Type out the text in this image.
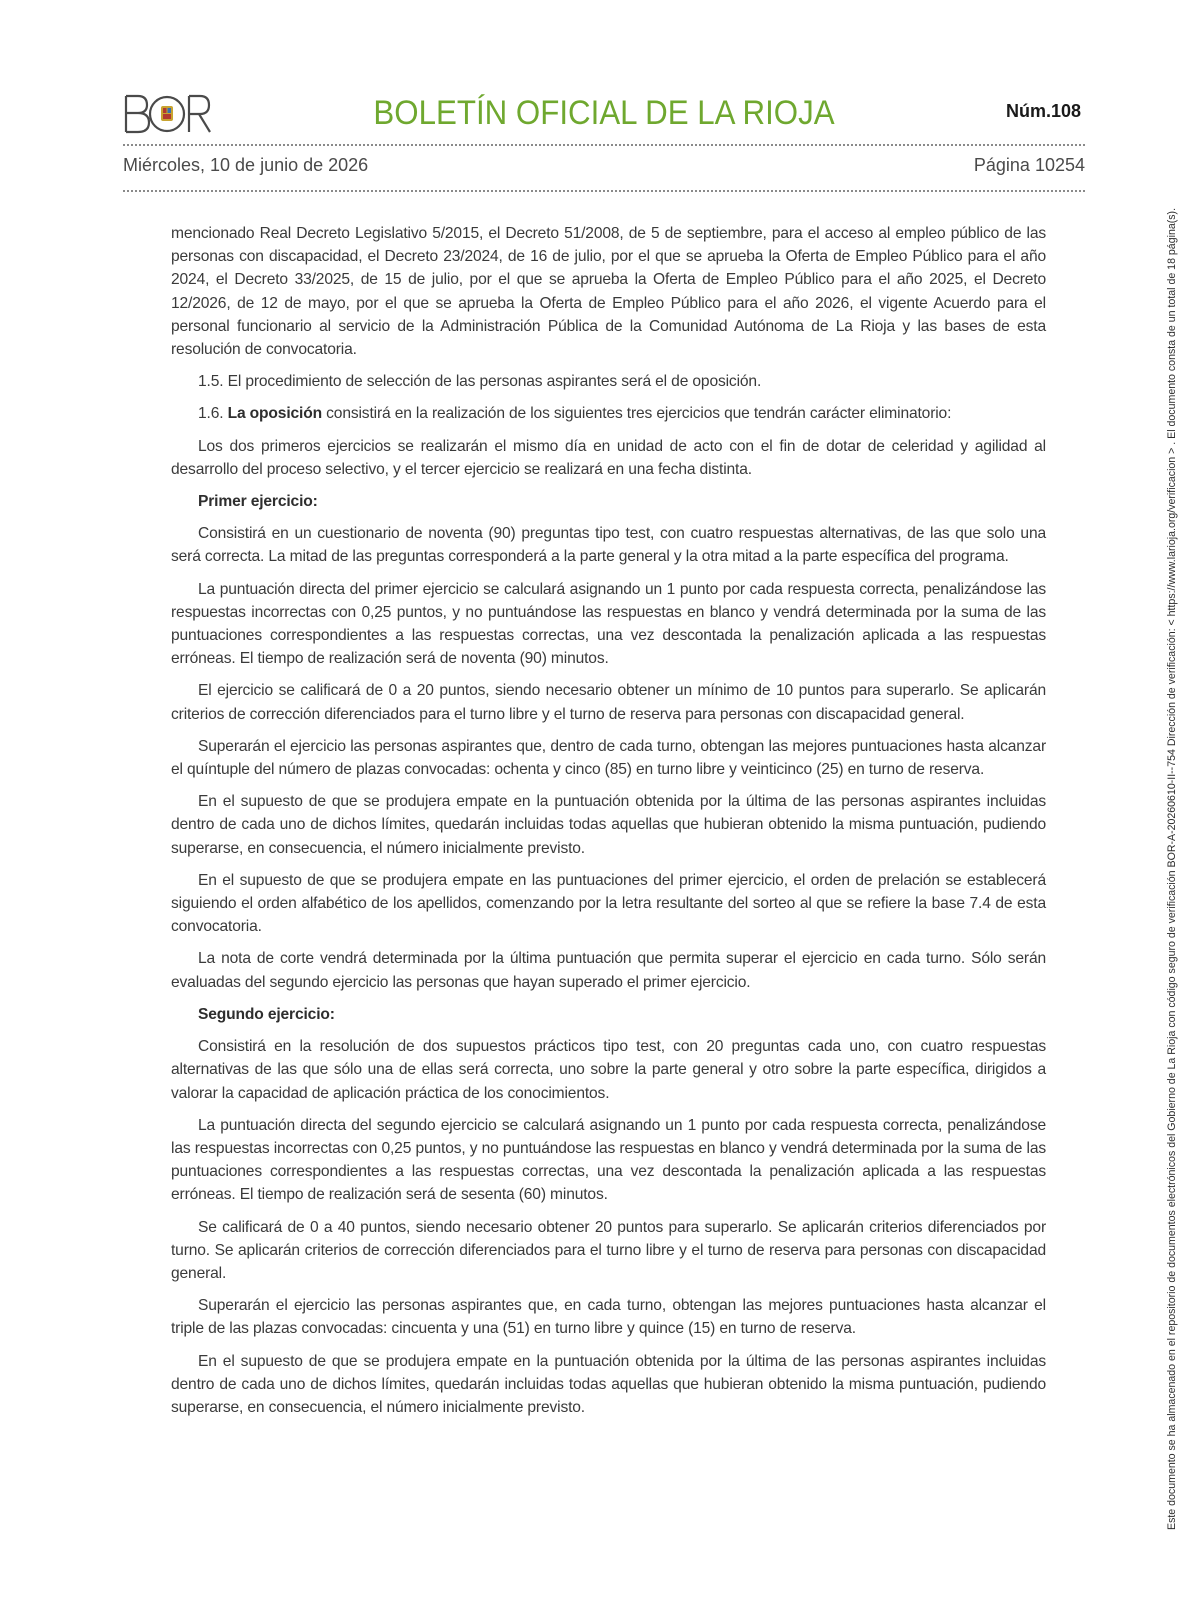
BOLETÍN OFICIAL DE LA RIOJA	Núm.108
Miércoles, 10 de junio de 2026	Página 10254

mencionado Real Decreto Legislativo 5/2015, el Decreto 51/2008, de 5 de septiembre, para el acceso al empleo público de las personas con discapacidad, el Decreto 23/2024, de 16 de julio, por el que se aprueba la Oferta de Empleo Público para el año 2024, el Decreto 33/2025, de 15 de julio, por el que se aprueba la Oferta de Empleo Público para el año 2025, el Decreto 12/2026, de 12 de mayo, por el que se aprueba la Oferta de Empleo Público para el año 2026, el vigente Acuerdo para el personal funcionario al servicio de la Administración Pública de la Comunidad Autónoma de La Rioja y las bases de esta resolución de convocatoria.

1.5. El procedimiento de selección de las personas aspirantes será el de oposición.

1.6. La oposición consistirá en la realización de los siguientes tres ejercicios que tendrán carácter eliminatorio:

Los dos primeros ejercicios se realizarán el mismo día en unidad de acto con el fin de dotar de celeridad y agilidad al desarrollo del proceso selectivo, y el tercer ejercicio se realizará en una fecha distinta.

Primer ejercicio:

Consistirá en un cuestionario de noventa (90) preguntas tipo test, con cuatro respuestas alternativas, de las que solo una será correcta. La mitad de las preguntas corresponderá a la parte general y la otra mitad a la parte específica del programa.

La puntuación directa del primer ejercicio se calculará asignando un 1 punto por cada respuesta correcta, penalizándose las respuestas incorrectas con 0,25 puntos, y no puntuándose las respuestas en blanco y vendrá determinada por la suma de las puntuaciones correspondientes a las respuestas correctas, una vez descontada la penalización aplicada a las respuestas erróneas. El tiempo de realización será de noventa (90) minutos.

El ejercicio se calificará de 0 a 20 puntos, siendo necesario obtener un mínimo de 10 puntos para superarlo. Se aplicarán criterios de corrección diferenciados para el turno libre y el turno de reserva para personas con discapacidad general.

Superarán el ejercicio las personas aspirantes que, dentro de cada turno, obtengan las mejores puntuaciones hasta alcanzar el quíntuple del número de plazas convocadas: ochenta y cinco (85) en turno libre y veinticinco (25) en turno de reserva.

En el supuesto de que se produjera empate en la puntuación obtenida por la última de las personas aspirantes incluidas dentro de cada uno de dichos límites, quedarán incluidas todas aquellas que hubieran obtenido la misma puntuación, pudiendo superarse, en consecuencia, el número inicialmente previsto.

En el supuesto de que se produjera empate en las puntuaciones del primer ejercicio, el orden de prelación se establecerá siguiendo el orden alfabético de los apellidos, comenzando por la letra resultante del sorteo al que se refiere la base 7.4 de esta convocatoria.

La nota de corte vendrá determinada por la última puntuación que permita superar el ejercicio en cada turno. Sólo serán evaluadas del segundo ejercicio las personas que hayan superado el primer ejercicio.

Segundo ejercicio:

Consistirá en la resolución de dos supuestos prácticos tipo test, con 20 preguntas cada uno, con cuatro respuestas alternativas de las que sólo una de ellas será correcta, uno sobre la parte general y otro sobre la parte específica, dirigidos a valorar la capacidad de aplicación práctica de los conocimientos.

La puntuación directa del segundo ejercicio se calculará asignando un 1 punto por cada respuesta correcta, penalizándose las respuestas incorrectas con 0,25 puntos, y no puntuándose las respuestas en blanco y vendrá determinada por la suma de las puntuaciones correspondientes a las respuestas correctas, una vez descontada la penalización aplicada a las respuestas erróneas. El tiempo de realización será de sesenta (60) minutos.

Se calificará de 0 a 40 puntos, siendo necesario obtener 20 puntos para superarlo. Se aplicarán criterios diferenciados por turno. Se aplicarán criterios de corrección diferenciados para el turno libre y el turno de reserva para personas con discapacidad general.

Superarán el ejercicio las personas aspirantes que, en cada turno, obtengan las mejores puntuaciones hasta alcanzar el triple de las plazas convocadas: cincuenta y una (51) en turno libre y quince (15) en turno de reserva.

En el supuesto de que se produjera empate en la puntuación obtenida por la última de las personas aspirantes incluidas dentro de cada uno de dichos límites, quedarán incluidas todas aquellas que hubieran obtenido la misma puntuación, pudiendo superarse, en consecuencia, el número inicialmente previsto.	Este documento se ha almacenado en el repositorio de documentos electrónicos del Gobierno de La Rioja con código seguro de verificación BOR-A-20260610-II--754 Dirección de verificación: < https://www.larioja.org/verificacion > . El documento consta de un total de 18 página(s).
